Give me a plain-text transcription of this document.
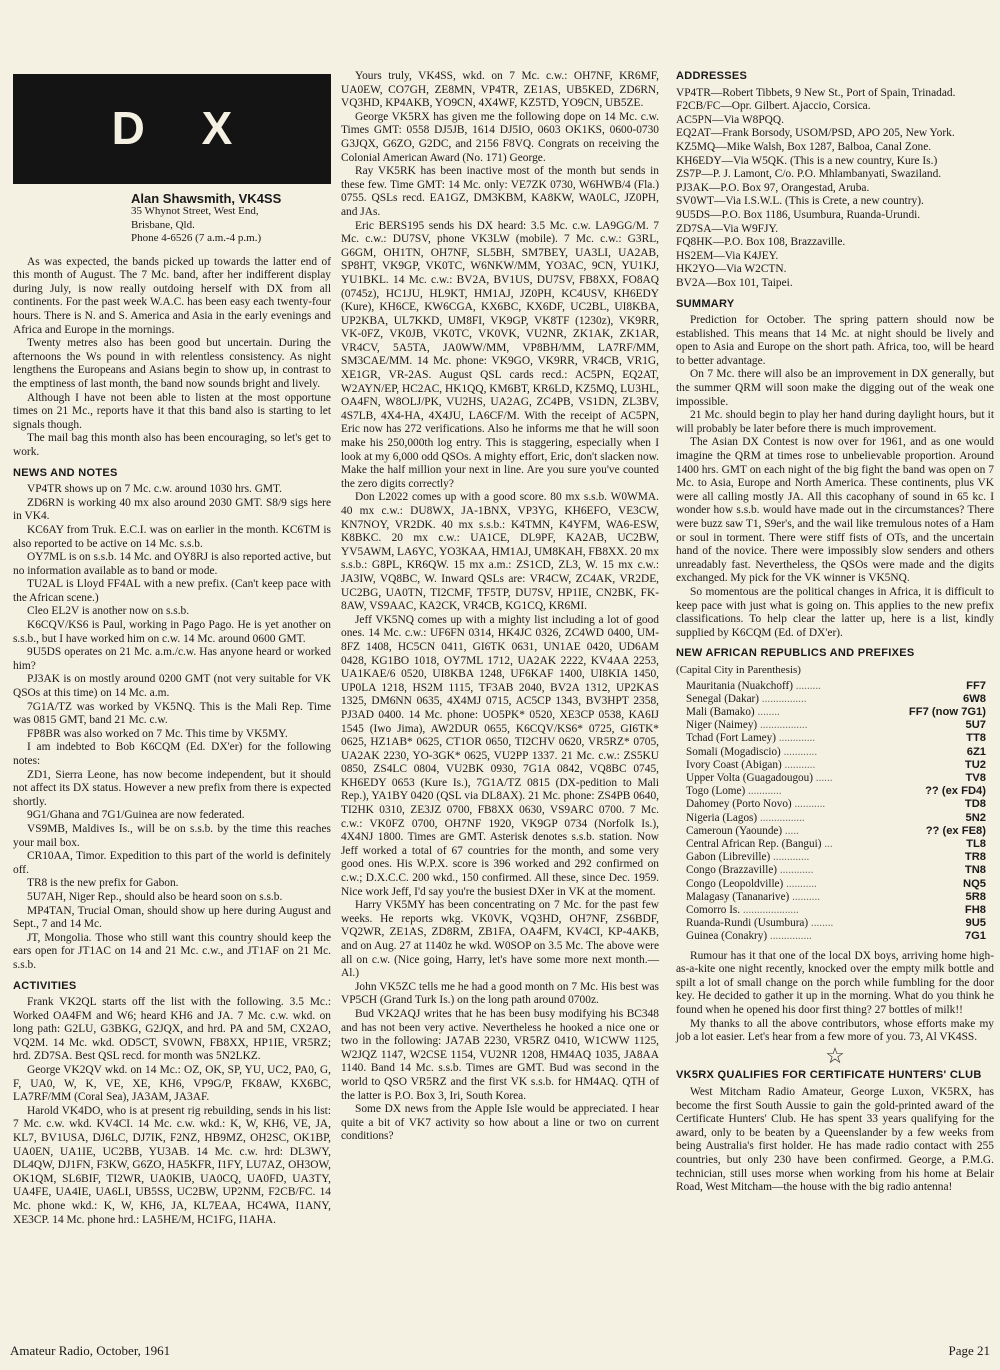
D X
Alan Shawsmith, VK4SS
35 Whynot Street, West End,
Brisbane, Qld.
Phone 4-6526 (7 a.m.-4 p.m.)

As was expected, the bands picked up towards the latter end of this month of August. The 7 Mc. band, after her indifferent display during July, is now really outdoing herself with DX from all continents. For the past week W.A.C. has been easy each twenty-four hours. There is N. and S. America and Asia in the early evenings and Africa and Europe in the mornings.

Twenty metres also has been good but uncertain. During the afternoons the Ws pound in with relentless consistency. As night lengthens the Europeans and Asians begin to show up, in contrast to the emptiness of last month, the band now sounds bright and lively.

Although I have not been able to listen at the most opportune times on 21 Mc., reports have it that this band also is starting to let signals though.

The mail bag this month also has been encouraging, so let's get to work.

NEWS AND NOTES

VP4TR shows up on 7 Mc. c.w. around 1030 hrs. GMT.

ZD6RN is working 40 mx also around 2030 GMT. S8/9 sigs here in VK4.

KC6AY from Truk. E.C.I. was on earlier in the month. KC6TM is also reported to be active on 14 Mc. s.s.b.

OY7ML is on s.s.b. 14 Mc. and OY8RJ is also reported active, but no information available as to band or mode.

TU2AL is Lloyd FF4AL with a new prefix. (Can't keep pace with the African scene.)

Cleo EL2V is another now on s.s.b.

K6CQV/KS6 is Paul, working in Pago Pago. He is yet another on s.s.b., but I have worked him on c.w. 14 Mc. around 0600 GMT.

9U5DS operates on 21 Mc. a.m./c.w. Has anyone heard or worked him?

PJ3AK is on mostly around 0200 GMT (not very suitable for VK QSOs at this time) on 14 Mc. a.m.

7G1A/TZ was worked by VK5NQ. This is the Mali Rep. Time was 0815 GMT, band 21 Mc. c.w.

FP8BR was also worked on 7 Mc. This time by VK5MY.

I am indebted to Bob K6CQM (Ed. DX'er) for the following notes:

ZD1, Sierra Leone, has now become independent, but it should not affect its DX status. However a new prefix from there is expected shortly.

9G1/Ghana and 7G1/Guinea are now federated.

VS9MB, Maldives Is., will be on s.s.b. by the time this reaches your mail box.

CR10AA, Timor. Expedition to this part of the world is definitely off.

TR8 is the new prefix for Gabon.

5U7AH, Niger Rep., should also be heard soon on s.s.b.

MP4TAN, Trucial Oman, should show up here during August and Sept., 7 and 14 Mc.

JT, Mongolia. Those who still want this country should keep the ears open for JT1AC on 14 and 21 Mc. c.w., and JT1AF on 21 Mc. s.s.b.

ACTIVITIES

Frank VK2QL starts off the list with the following. 3.5 Mc.: Worked OA4FM and W6; heard KH6 and JA. 7 Mc. c.w. wkd. on long path: G2LU, G3BKG, G2JQX, and hrd. PA and 5M, CX2AO, VQ2M. 14 Mc. wkd. OD5CT, SV0WN, FB8XX, HP1IE, VR5RZ; hrd. ZD7SA. Best QSL recd. for month was 5N2LKZ.

George VK2QV wkd. on 14 Mc.: OZ, OK, SP, YU, UC2, PA0, G, F, UA0, W, K, VE, XE, KH6, VP9G/P, FK8AW, KX6BC, LA7RF/MM (Coral Sea), JA3AM, JA3AF.

Harold VK4DO, who is at present rig rebuilding, sends in his list: 7 Mc. c.w. wkd. KV4CI. 14 Mc. c.w. wkd.: K, W, KH6, VE, JA, KL7, BV1USA, DJ6LC, DJ7IK, F2NZ, HB9MZ, OH2SC, OK1BP, UA0EN, UA1IE, UC2BB, YU3AB. 14 Mc. c.w. hrd: DL3WY, DL4QW, DJ1FN, F3KW, G6ZO, HA5KFR, I1FY, LU7AZ, OH3OW, OK1QM, SL6BIF, TI2WR, UA0KIB, UA0CQ, UA0FD, UA3TY, UA4FE, UA4IE, UA6LI, UB5SS, UC2BW, UP2NM, F2CB/FC. 14 Mc. phone wkd.: K, W, KH6, JA, KL7EAA, HC4WA, I1ANY, XE3CP. 14 Mc. phone hrd.: LA5HE/M, HC1FG, I1AHA.

Yours truly, VK4SS, wkd. on 7 Mc. c.w.: OH7NF, KR6MF, UA0EW, CO7GH, ZE8MN, VP4TR, ZE1AS, UB5KED, ZD6RN, VQ3HD, KP4AKB, YO9CN, 4X4WF, KZ5TD, YO9CN, UB5ZE.

George VK5RX has given me the following dope on 14 Mc. c.w. Times GMT: 0558 DJ5JB, 1614 DJ5IO, 0603 OK1KS, 0600-0730 G3JQX, G6ZO, G2DC, and 2156 F8VQ. Congrats on receiving the Colonial American Award (No. 171) George.

Ray VK5RK has been inactive most of the month but sends in these few. Time GMT: 14 Mc. only: VE7ZK 0730, W6HWB/4 (Fla.) 0755. QSLs recd. EA1GZ, DM3KBM, KA8KW, WA0LC, JZ0PH, and JAs.

Eric BERS195 sends his DX heard: 3.5 Mc. c.w. LA9GG/M. 7 Mc. c.w.: DU7SV, phone VK3LW (mobile). 7 Mc. c.w.: G3RL, G6GM, OH1TN, OH7NF, SL5BH, SM7BEY, UA3LI, UA2AB, SP8HT, VK9GP, VK0TC, W6NKW/MM, YO3AC, 9CN, YU1KJ, YU1BKL. 14 Mc. c.w.: BV2A, BV1US, DU7SV, FB8XX, FO8AQ (0745z), HC1JU, HL9KT, HM1AJ, JZ0PH, KC4USV, KH6EDY (Kure), KH6CE, KW6CGA, KX6BC, KX6DF, UC2BL, UI8KBA, UP2KBA, UL7KKD, UM8FI, VK9GP, VK8TF (1230z), VK9RR, VK-0FZ, VK0JB, VK0TC, VK0VK, VU2NR, ZK1AK, ZK1AR, VR4CV, 5A5TA, JA0WW/MM, VP8BH/MM, LA7RF/MM, SM3CAE/MM. 14 Mc. phone: VK9GO, VK9RR, VR4CB, VR1G, XE1GR, VR-2AS. August QSL cards recd.: AC5PN, EQ2AT, W2AYN/EP, HC2AC, HK1QQ, KM6BT, KR6LD, KZ5MQ, LU3HL, OA4FN, W8OLJ/PK, VU2HS, UA2AG, ZC4PB, VS1DN, ZL3BV, 4S7LB, 4X4-HA, 4X4JU, LA6CF/M. With the receipt of AC5PN, Eric now has 272 verifications. Also he informs me that he will soon make his 250,000th log entry. This is staggering, especially when I look at my 6,000 odd QSOs. A mighty effort, Eric, don't slacken now. Make the half million your next in line. Are you sure you've counted the zero digits correctly?

Don L2022 comes up with a good score. 80 mx s.s.b. W0WMA. 40 mx c.w.: DU8WX, JA-1BNX, VP3YG, KH6EFO, VE3CW, KN7NOY, VR2DK. 40 mx s.s.b.: K4TMN, K4YFM, WA6-ESW, K8BKC. 20 mx c.w.: UA1CE, DL9PF, KA2AB, UC2BW, YV5AWM, LA6YC, YO3KAA, HM1AJ, UM8KAH, FB8XX. 20 mx s.s.b.: G8PL, KR6QW. 15 mx a.m.: ZS1CD, ZL3, W. 15 mx c.w.: JA3IW, VQ8BC, W. Inward QSLs are: VR4CW, ZC4AK, VR2DE, UC2BG, UA0TN, TI2CMF, TF5TP, DU7SV, HP1IE, CN2BK, FK-8AW, VS9AAC, KA2CK, VR4CB, KG1CQ, KR6MI.

Jeff VK5NQ comes up with a mighty list including a lot of good ones. 14 Mc. c.w.: UF6FN 0314, HK4JC 0326, ZC4WD 0400, UM-8FZ 1408, HC5CN 0411, GI6TK 0631, UN1AE 0420, UD6AM 0428, KG1BO 1018, OY7ML 1712, UA2AK 2222, KV4AA 2253, UA1KAE/6 0520, UI8KBA 1248, UF6KAF 1400, UI8KIA 1450, UP0LA 1218, HS2M 1115, TF3AB 2040, BV2A 1312, UP2KAS 1325, DM6NN 0635, 4X4MJ 0715, AC5CP 1343, BV3HPT 2358, PJ3AD 0400. 14 Mc. phone: UO5PK* 0520, XE3CP 0538, KA6IJ 1545 (Iwo Jima), AW2DUR 0655, K6CQV/KS6* 0725, GI6TK* 0625, HZ1AB* 0625, CT1OR 0650, TI2CHV 0620, VR5RZ* 0705, UA2AK 2230, YO-3GK* 0625, VU2PP 1337. 21 Mc. c.w.: ZS5KU 0850, ZS4LC 0804, VU2BK 0930, 7G1A 0842, VQ8BC 0745, KH6EDY 0653 (Kure Is.), 7G1A/TZ 0815 (DX-pedition to Mali Rep.), YA1BY 0420 (QSL via DL8AX). 21 Mc. phone: ZS4PB 0640, TI2HK 0310, ZE3JZ 0700, FB8XX 0630, VS9ARC 0700. 7 Mc. c.w.: VK0FZ 0700, OH7NF 1920, VK9GP 0734 (Norfolk Is.), 4X4NJ 1800. Times are GMT. Asterisk denotes s.s.b. station. Now Jeff worked a total of 67 countries for the month, and some very good ones. His W.P.X. score is 396 worked and 292 confirmed on c.w.; D.X.C.C. 200 wkd., 150 confirmed. All these, since Dec. 1959. Nice work Jeff, I'd say you're the busiest DXer in VK at the moment.

Harry VK5MY has been concentrating on 7 Mc. for the past few weeks. He reports wkg. VK0VK, VQ3HD, OH7NF, ZS6BDF, VQ2WR, ZE1AS, ZD8RM, ZB1FA, OA4FM, KV4CI, KP-4AKB, and on Aug. 27 at 1140z he wkd. W0SOP on 3.5 Mc. The above were all on c.w. (Nice going, Harry, let's have some more next month.—Al.)

John VK5ZC tells me he had a good month on 7 Mc. His best was VP5CH (Grand Turk Is.) on the long path around 0700z.

Bud VK2AQJ writes that he has been busy modifying his BC348 and has not been very active. Nevertheless he hooked a nice one or two in the following: JA7AB 2230, VR5RZ 0410, W1CWW 1125, W2JQZ 1147, W2CSE 1154, VU2NR 1208, HM4AQ 1035, JA8AA 1140. Band 14 Mc. s.s.b. Times are GMT. Bud was second in the world to QSO VR5RZ and the first VK s.s.b. for HM4AQ. QTH of the latter is P.O. Box 3, Iri, South Korea.

Some DX news from the Apple Isle would be appreciated. I hear quite a bit of VK7 activity so how about a line or two on current conditions?

ADDRESSES

VP4TR—Robert Tibbets, 9 New St., Port of Spain, Trinadad.

F2CB/FC—Opr. Gilbert. Ajaccio, Corsica.

AC5PN—Via W8PQQ.

EQ2AT—Frank Borsody, USOM/PSD, APO 205, New York.

KZ5MQ—Mike Walsh, Box 1287, Balboa, Canal Zone.

KH6EDY—Via W5QK. (This is a new country, Kure Is.)

ZS7P—P. J. Lamont, C/o. P.O. Mhlambanyati, Swaziland.

PJ3AK—P.O. Box 97, Orangestad, Aruba.

SV0WT—Via I.S.W.L. (This is Crete, a new country).

9U5DS—P.O. Box 1186, Usumbura, Ruanda-Urundi.

ZD7SA—Via W9FJY.

FQ8HK—P.O. Box 108, Brazzaville.

HS2EM—Via K4JEY.

HK2YO—Via W2CTN.

BV2A—Box 101, Taipei.

SUMMARY

Prediction for October. The spring pattern should now be established. This means that 14 Mc. at night should be lively and open to Asia and Europe on the short path. Africa, too, will be heard to better advantage.

On 7 Mc. there will also be an improvement in DX generally, but the summer QRM will soon make the digging out of the weak one impossible.

21 Mc. should begin to play her hand during daylight hours, but it will probably be later before there is much improvement.

The Asian DX Contest is now over for 1961, and as one would imagine the QRM at times rose to unbelievable proportion. Around 1400 hrs. GMT on each night of the big fight the band was open on 7 Mc. to Asia, Europe and North America. These continents, plus VK were all calling mostly JA. All this cacophany of sound in 65 kc. I wonder how s.s.b. would have made out in the circumstances? There were buzz saw T1, S9er's, and the wail like tremulous notes of a Ham or soul in torment. There were stiff fists of OTs, and the uncertain hand of the novice. There were impossibly slow senders and others unreadably fast. Nevertheless, the QSOs were made and the digits exchanged. My pick for the VK winner is VK5NQ.

So momentous are the political changes in Africa, it is difficult to keep pace with just what is going on. This applies to the new prefix classifications. To help clear the latter up, here is a list, kindly supplied by K6CQM (Ed. of DX'er).

NEW AFRICAN REPUBLICS AND PREFIXES
(Capital City in Parenthesis)
Mauritania (Nuakchoff) .........	FF7
Senegal (Dakar) ................	6W8
Mali (Bamako) ........	FF7 (now 7G1)
Niger (Naimey) .................	5U7
Tchad (Fort Lamey) .............	TT8
Somali (Mogadiscio) ............	6Z1
Ivory Coast (Abigan) ...........	TU2
Upper Volta (Guagadougou) ......	TV8
Togo (Lome) ............	?? (ex FD4)
Dahomey (Porto Novo) ...........	TD8
Nigeria (Lagos) ................	5N2
Cameroun (Yaounde) .....	?? (ex FE8)
Central African Rep. (Bangui) ...	TL8
Gabon (Libreville) .............	TR8
Congo (Brazzaville) ............	TN8
Congo (Leopoldville) ...........	NQ5
Malagasy (Tananarive) ..........	5R8
Comorro Is. ....................	FH8
Ruanda-Rundi (Usumbura) ........	9U5
Guinea (Conakry) ...............	7G1

Rumour has it that one of the local DX boys, arriving home high-as-a-kite one night recently, knocked over the empty milk bottle and spilt a lot of small change on the porch while fumbling for the door key. He decided to gather it up in the morning. What do you think he found when he opened his door first thing? 27 bottles of milk!!

My thanks to all the above contributors, whose efforts make my job a lot easier. Let's hear from a few more of you. 73, Al VK4SS.

☆
VK5RX QUALIFIES FOR CERTIFICATE HUNTERS' CLUB

West Mitcham Radio Amateur, George Luxon, VK5RX, has become the first South Aussie to gain the gold-printed award of the Certificate Hunters' Club. He has spent 33 years qualifying for the award, only to be beaten by a Queenslander by a few weeks from being Australia's first holder. He has made radio contact with 255 countries, but only 230 have been confirmed. George, a P.M.G. technician, still uses morse when working from his home at Belair Road, West Mitcham—the house with the big radio antenna!

Amateur Radio, October, 1961	Page 21
